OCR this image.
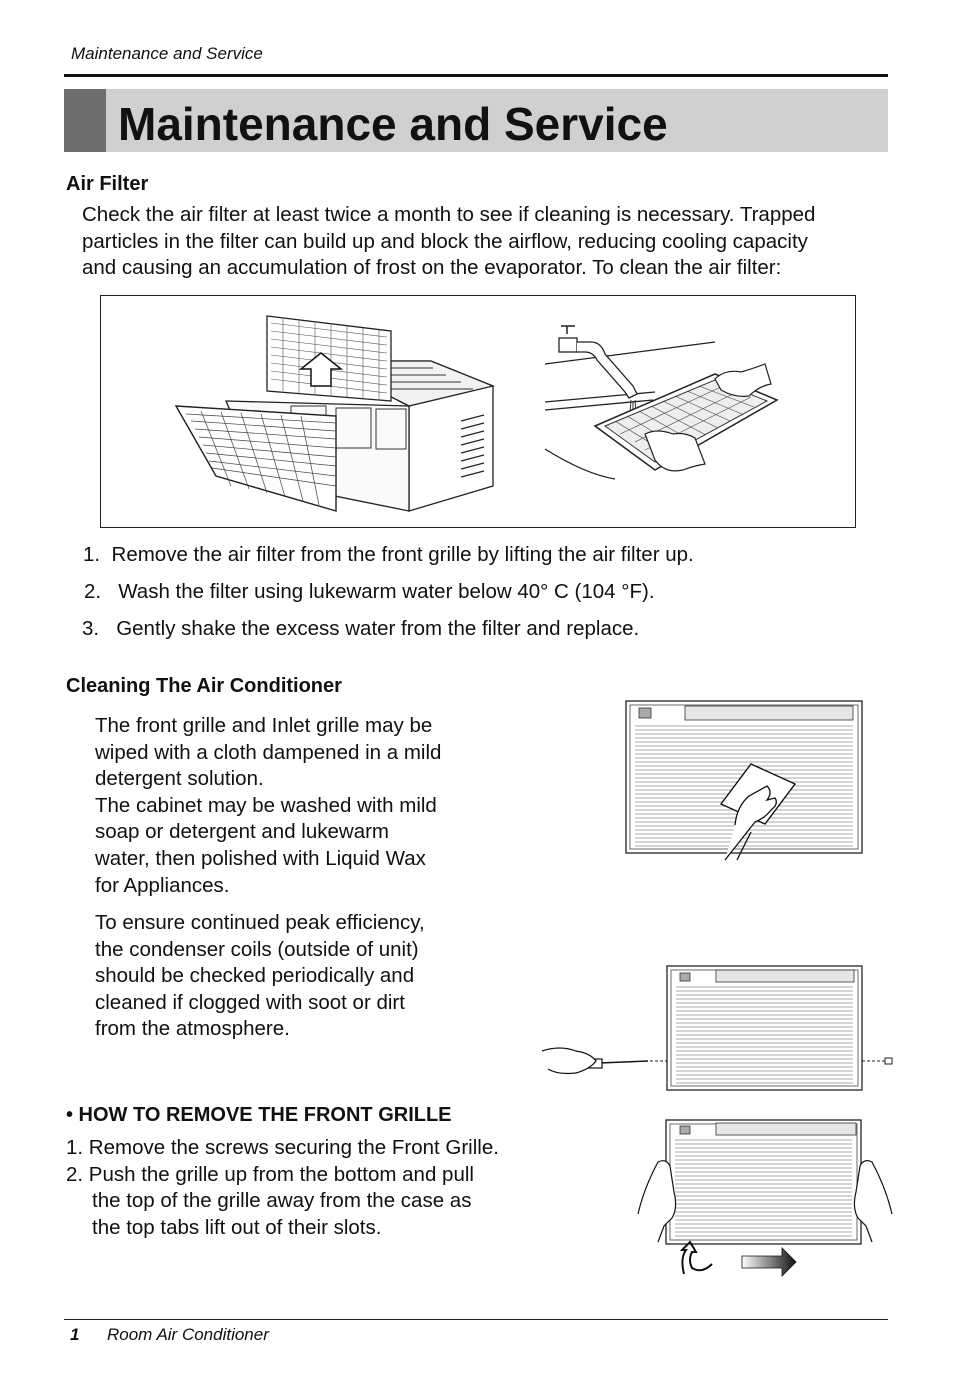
Maintenance and Service
Maintenance and Service
Air Filter
Check the air filter at least twice a month to see if cleaning is necessary. Trapped
particles in the filter can build up and block the airflow, reducing cooling capacity
and causing an accumulation of frost on the evaporator. To clean the air filter:
1. Remove the air filter from the front grille by lifting the air filter up.
2. Wash the filter using lukewarm water below 40° C (104 °F).
3. Gently shake the excess water from the filter and replace.
Cleaning The Air Conditioner
The front grille and Inlet grille may be
wiped with a cloth dampened in a mild
detergent solution.
The cabinet may be washed with mild
soap or detergent and lukewarm
water, then polished with Liquid Wax
for Appliances.
To ensure continued peak efficiency,
the condenser coils (outside of unit)
should be checked periodically and
cleaned if clogged with soot or dirt
from the atmosphere.
• HOW TO REMOVE THE FRONT GRILLE
1. Remove the screws securing the Front Grille.
2. Push the grille up from the bottom and pull
the top of the grille away from the case as
the top tabs lift out of their slots.
1 Room Air Conditioner
